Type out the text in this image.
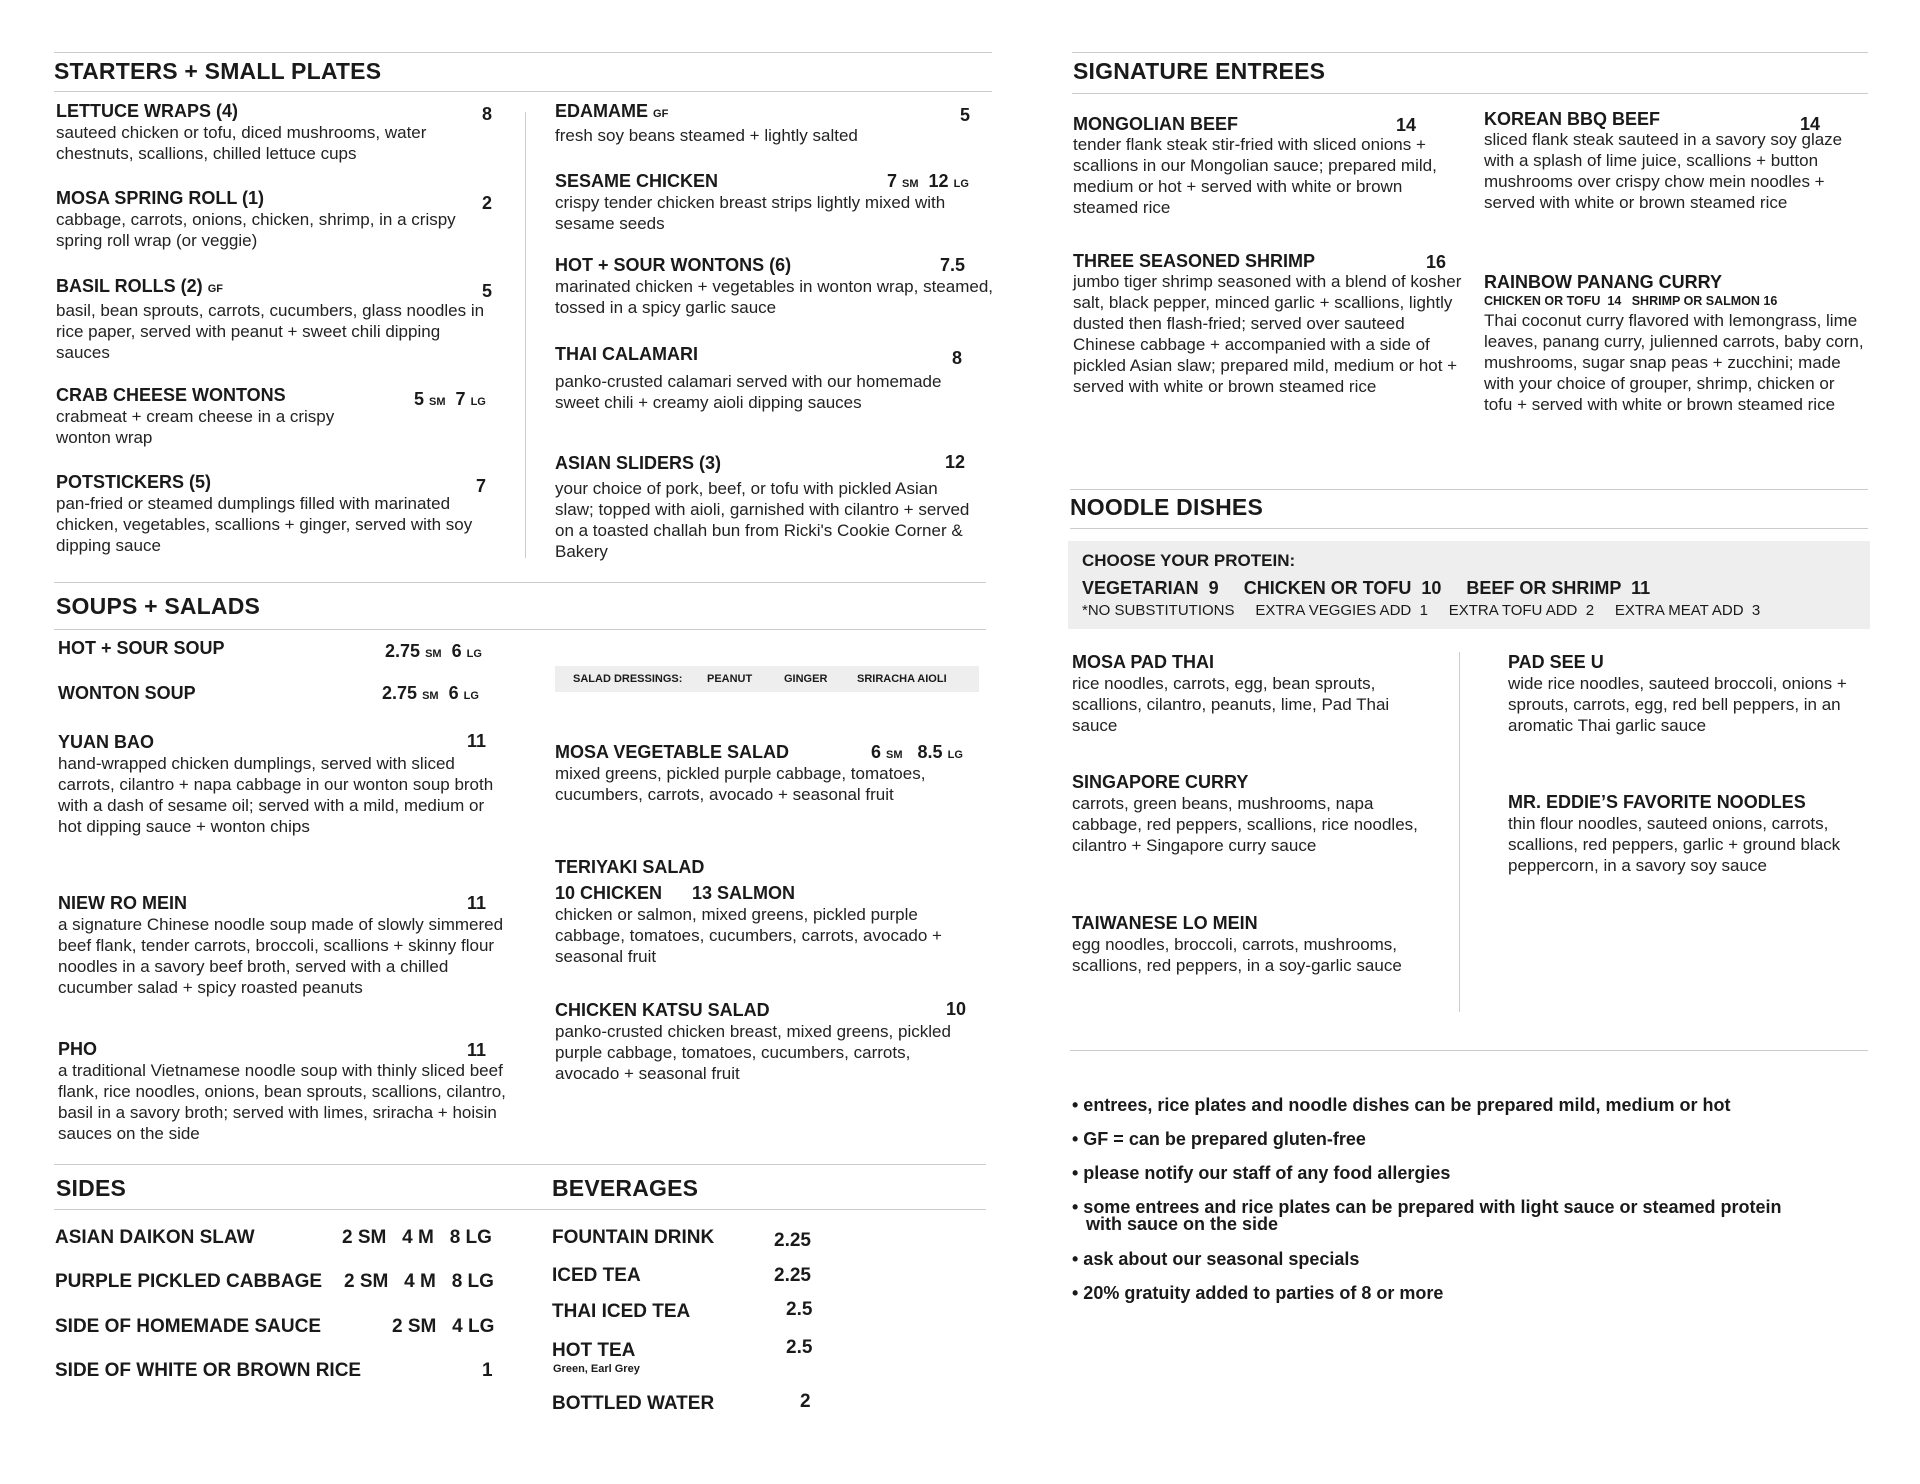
STARTERS + SMALL PLATES
LETTUCE WRAPS (4)
sauteed chicken or tofu, diced mushrooms, water chestnuts, scallions, chilled lettuce cups
8
MOSA SPRING ROLL (1)
cabbage, carrots, onions, chicken, shrimp, in a crispy spring roll wrap (or veggie)
2
BASIL ROLLS (2) GF
basil, bean sprouts, carrots, cucumbers, glass noodles in rice paper, served with peanut + sweet chili dipping sauces
5
CRAB CHEESE WONTONS
crabmeat + cream cheese in a crispy wonton wrap
5 SM 7 LG
POTSTICKERS (5)
pan-fried or steamed dumplings filled with marinated chicken, vegetables, scallions + ginger, served with soy dipping sauce
7
EDAMAME GF
fresh soy beans steamed + lightly salted
5
SESAME CHICKEN
crispy tender chicken breast strips lightly mixed with sesame seeds
7 SM 12 LG
HOT + SOUR WONTONS (6)
marinated chicken + vegetables in wonton wrap, steamed, tossed in a spicy garlic sauce
7.5
THAI CALAMARI
panko-crusted calamari served with our homemade sweet chili + creamy aioli dipping sauces
8
ASIAN SLIDERS (3)
your choice of pork, beef, or tofu with pickled Asian slaw; topped with aioli, garnished with cilantro + served on a toasted challah bun from Ricki's Cookie Corner & Bakery
12
SOUPS + SALADS
HOT + SOUR SOUP	2.75 SM 6 LG
WONTON SOUP	2.75 SM 6 LG
YUAN BAO
hand-wrapped chicken dumplings, served with sliced carrots, cilantro + napa cabbage in our wonton soup broth with a dash of sesame oil; served with a mild, medium or hot dipping sauce + wonton chips
11
NIEW RO MEIN
a signature Chinese noodle soup made of slowly simmered beef flank, tender carrots, broccoli, scallions + skinny flour noodles in a savory beef broth, served with a chilled cucumber salad + spicy roasted peanuts
11
PHO
a traditional Vietnamese noodle soup with thinly sliced beef flank, rice noodles, onions, bean sprouts, scallions, cilantro, basil in a savory broth; served with limes, sriracha + hoisin sauces on the side
11
SALAD DRESSINGS: PEANUT	GINGER	SRIRACHA AIOLI
MOSA VEGETABLE SALAD
mixed greens, pickled purple cabbage, tomatoes, cucumbers, carrots, avocado + seasonal fruit
6 SM 8.5 LG
TERIYAKI SALAD
10 CHICKEN      13 SALMON
chicken or salmon, mixed greens, pickled purple cabbage, tomatoes, cucumbers, carrots, avocado + seasonal fruit
CHICKEN KATSU SALAD
panko-crusted chicken breast, mixed greens, pickled purple cabbage, tomatoes, cucumbers, carrots, avocado + seasonal fruit
10
SIDES	BEVERAGES
ASIAN DAIKON SLAW	2 SM   4 M   8 LG
PURPLE PICKLED CABBAGE 2 SM   4 M   8 LG
SIDE OF HOMEMADE SAUCE	2 SM   4 LG
SIDE OF WHITE OR BROWN RICE	1
FOUNTAIN DRINK	2.25
ICED TEA	2.25
THAI ICED TEA	2.5
HOT TEA
Green, Earl Grey
2.5
BOTTLED WATER	2
SIGNATURE ENTREES
MONGOLIAN BEEF
tender flank steak stir-fried with sliced onions + scallions in our Mongolian sauce; prepared mild, medium or hot + served with white or brown steamed rice
14
THREE SEASONED SHRIMP
jumbo tiger shrimp seasoned with a blend of kosher salt, black pepper, minced garlic + scallions, lightly dusted then flash-fried; served over sauteed Chinese cabbage + accompanied with a side of pickled Asian slaw; prepared mild, medium or hot + served with white or brown steamed rice
16
KOREAN BBQ BEEF
sliced flank steak sauteed in a savory soy glaze with a splash of lime juice, scallions + button mushrooms over crispy chow mein noodles + served with white or brown steamed rice
14
RAINBOW PANANG CURRY
CHICKEN OR TOFU  14   SHRIMP OR SALMON 16
Thai coconut curry flavored with lemongrass, lime leaves, panang curry, julienned carrots, baby corn, mushrooms, sugar snap peas + zucchini; made with your choice of grouper, shrimp, chicken or tofu + served with white or brown steamed rice
NOODLE DISHES
CHOOSE YOUR PROTEIN:
VEGETARIAN  9     CHICKEN OR TOFU  10     BEEF OR SHRIMP  11
*NO SUBSTITUTIONS     EXTRA VEGGIES ADD  1     EXTRA TOFU ADD  2     EXTRA MEAT ADD  3
MOSA PAD THAI
rice noodles, carrots, egg, bean sprouts, scallions, cilantro, peanuts, lime, Pad Thai sauce
SINGAPORE CURRY
carrots, green beans, mushrooms, napa cabbage, red peppers, scallions, rice noodles, cilantro + Singapore curry sauce
TAIWANESE LO MEIN
egg noodles, broccoli, carrots, mushrooms, scallions, red peppers, in a soy-garlic sauce
PAD SEE U
wide rice noodles, sauteed broccoli, onions + sprouts, carrots, egg, red bell peppers, in an aromatic Thai garlic sauce
MR. EDDIE’S FAVORITE NOODLES
thin flour noodles, sauteed onions, carrots, scallions, red peppers, garlic + ground black peppercorn, in a savory soy sauce
• entrees, rice plates and noodle dishes can be prepared mild, medium or hot
• GF = can be prepared gluten-free
• please notify our staff of any food allergies
• some entrees and rice plates can be prepared with light sauce or steamed protein
with sauce on the side
• ask about our seasonal specials
• 20% gratuity added to parties of 8 or more
